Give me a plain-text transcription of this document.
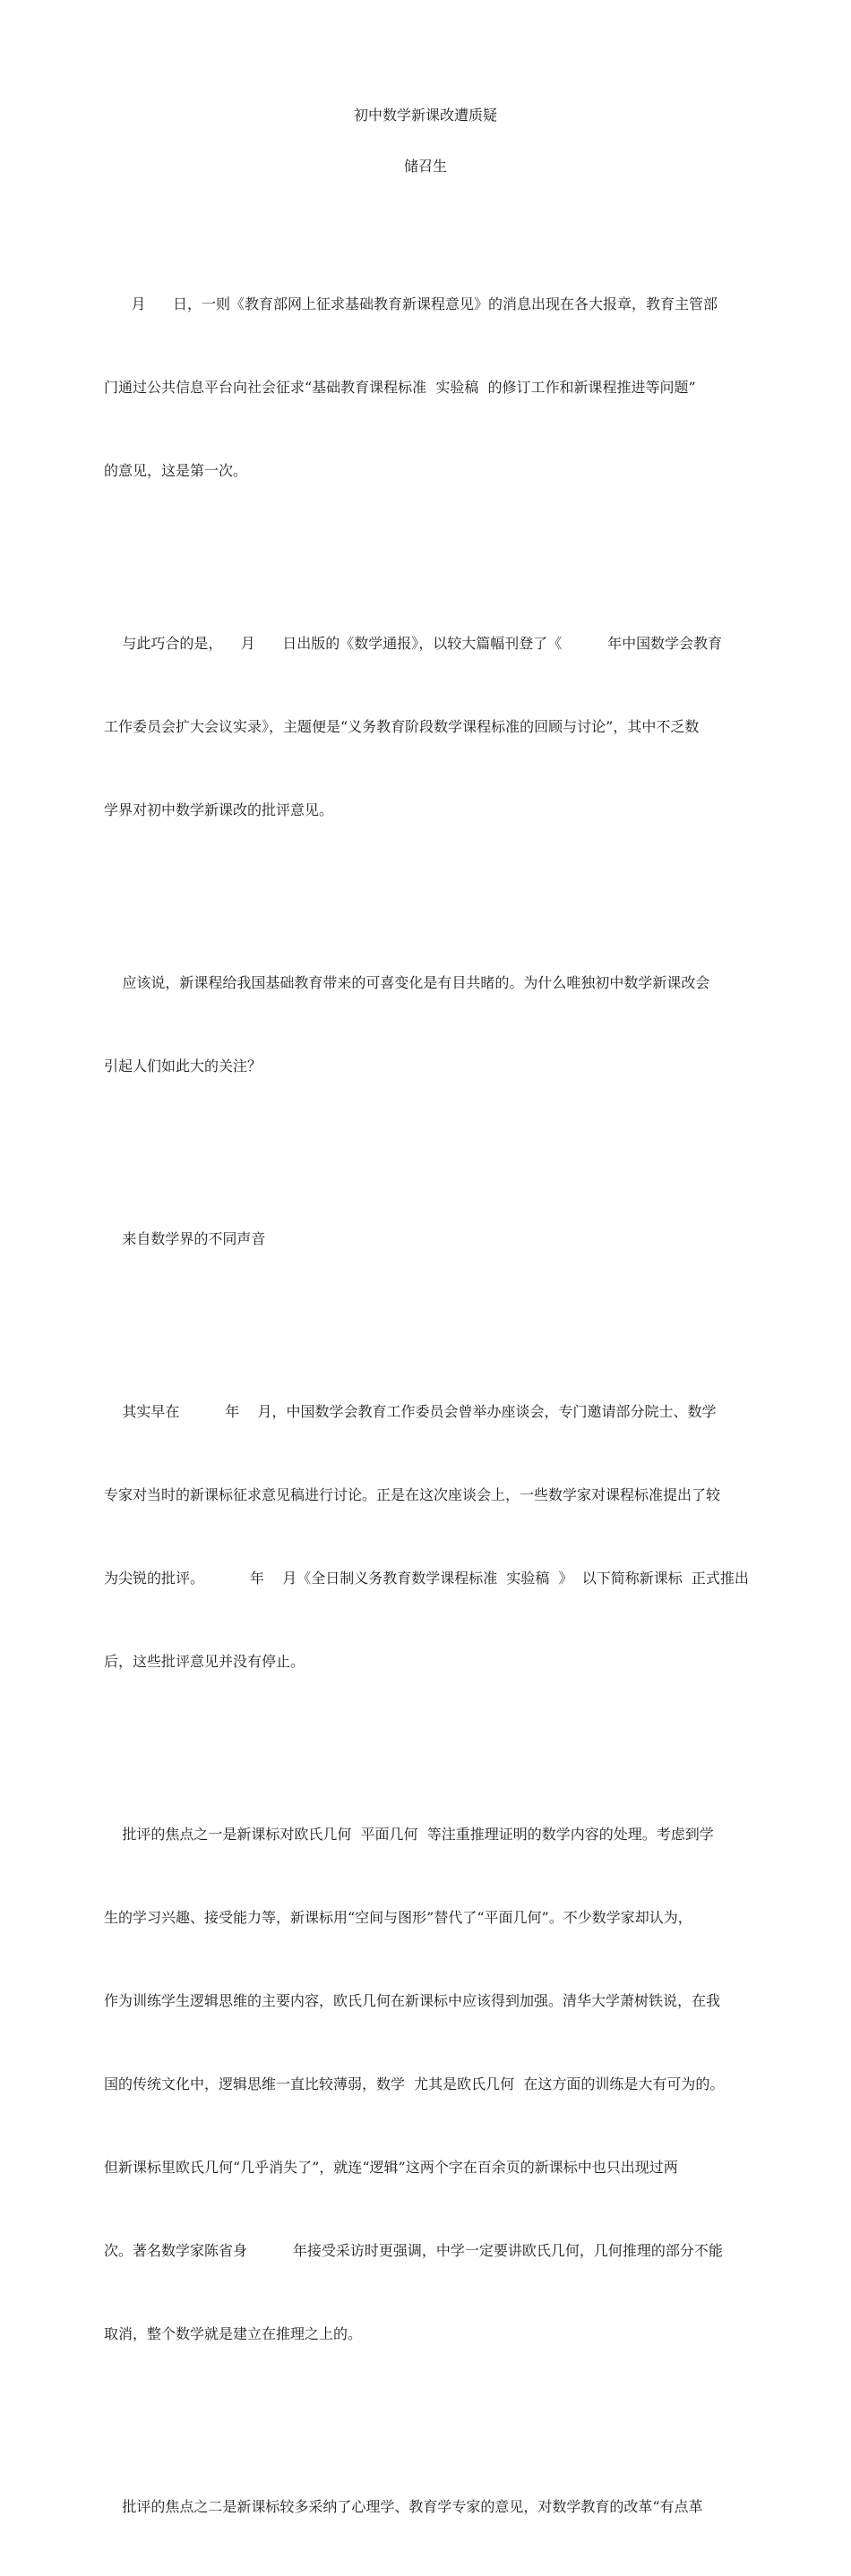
初中数学新课改遭质疑
储召生

月      日，一则《教育部网上征求基础教育新课程意见》的消息出现在各大报章，教育主管部

门通过公共信息平台向社会征求“基础教育课程标准  实验稿  的修订工作和新课程推进等问题”

的意见，这是第一次。

与此巧合的是，    月      日出版的《数学通报》，以较大篇幅刊登了《          年中国数学会教育

工作委员会扩大会议实录》，主题便是“义务教育阶段数学课程标准的回顾与讨论”，其中不乏数

学界对初中数学新课改的批评意见。

应该说，新课程给我国基础教育带来的可喜变化是有目共睹的。为什么唯独初中数学新课改会

引起人们如此大的关注？

来自数学界的不同声音

其实早在          年    月，中国数学会教育工作委员会曾举办座谈会，专门邀请部分院士、数学

专家对当时的新课标征求意见稿进行讨论。正是在这次座谈会上，一些数学家对课程标准提出了较

为尖锐的批评。          年    月《全日制义务教育数学课程标准  实验稿  》  以下简称新课标  正式推出

后，这些批评意见并没有停止。

批评的焦点之一是新课标对欧氏几何  平面几何  等注重推理证明的数学内容的处理。考虑到学

生的学习兴趣、接受能力等，新课标用“空间与图形”替代了“平面几何”。不少数学家却认为，

作为训练学生逻辑思维的主要内容，欧氏几何在新课标中应该得到加强。清华大学萧树铁说，在我

国的传统文化中，逻辑思维一直比较薄弱，数学  尤其是欧氏几何  在这方面的训练是大有可为的。

但新课标里欧氏几何“几乎消失了”，就连“逻辑”这两个字在百余页的新课标中也只出现过两

次。著名数学家陈省身          年接受采访时更强调，中学一定要讲欧氏几何，几何推理的部分不能

取消，整个数学就是建立在推理之上的。

批评的焦点之二是新课标较多采纳了心理学、教育学专家的意见，对数学教育的改革“有点革
